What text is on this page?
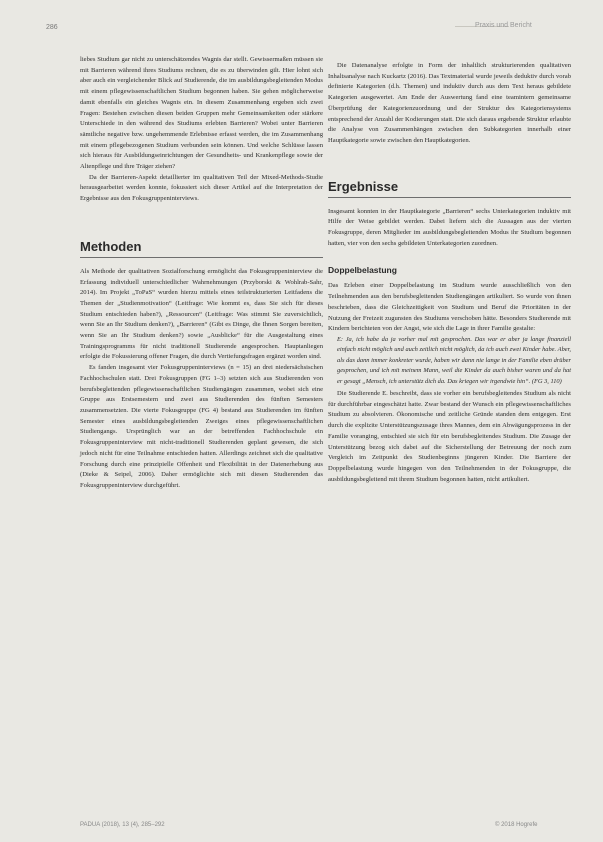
286	Praxis und Bericht

liebes Studium gar nicht zu unterschätzendes Wagnis dar stellt. Gewissermaßen müssen sie mit Barrieren während ihres Studiums rechnen, die es zu überwinden gilt. Hier lohnt sich aber auch ein vergleichender Blick auf Studierende, die im ausbildungsbegleitenden Modus mit einem pflegewissenschaftlichen Studium begonnen haben. Sie gehen möglicherweise damit ebenfalls ein gleiches Wagnis ein. In diesem Zusammenhang ergeben sich zwei Fragen: Bestehen zwischen diesen beiden Gruppen mehr Gemeinsamkeiten oder stärkere Unterschiede in den während des Studiums erlebten Barrieren? Wobei unter Barrieren sämtliche negative bzw. ungehemmende Erlebnisse erfasst werden, die im Zusammenhang mit einem pflegebezogenen Studium verbunden sein können. Und welche Schlüsse lassen sich hieraus für Ausbildungseinrichtungen der Gesundheits- und Krankenpflege sowie der Altenpflege und ihre Träger ziehen?

Da der Barrieren-Aspekt detaillierter im qualitativen Teil der Mixed-Methods-Studie herausgearbeitet werden konnte, fokussiert sich dieser Artikel auf die Interpretation der Ergebnisse aus den Fokusgruppeninterviews.

Methoden

Als Methode der qualitativen Sozialforschung ermöglicht das Fokusgruppeninterview die Erfassung individuell unterschiedlicher Wahrnehmungen (Przyborski & Wohlrab-Sahr, 2014). Im Projekt „ToPaS“ wurden hierzu mittels eines teilstrukturierten Leitfadens die Themen der „Studienmotivation“ (Leitfrage: Wie kommt es, dass Sie sich für dieses Studium entschieden haben?), „Ressourcen“ (Leitfrage: Was stimmt Sie zuversichtlich, wenn Sie an Ihr Studium denken?), „Barrieren“ (Gibt es Dinge, die Ihnen Sorgen bereiten, wenn Sie an Ihr Studium denken?) sowie „Ausblicke“ für die Ausgestaltung eines Trainingsprogramms für nicht traditionell Studierende angesprochen. Hauptanliegen erfolgte die Fokussierung offener Fragen, die durch Vertiefungsfragen ergänzt worden sind.

Es fanden insgesamt vier Fokusgruppeninterviews (n = 15) an drei niedersächsischen Fachhochschulen statt. Drei Fokusgruppen (FG 1–3) setzten sich aus Studierenden von berufsbegleitenden pflegewissenschaftlichen Studiengängen zusammen, wobei sich eine Gruppe aus Erstsemestern und zwei aus Studierenden des fünften Semesters zusammensetzten. Die vierte Fokusgruppe (FG 4) bestand aus Studierenden im fünften Semester eines ausbildungsbegleitenden Zweiges eines pflegewissenschaftlichen Studiengangs. Ursprünglich war an der betreffenden Fachhochschule ein Fokusgruppeninterview mit nicht-traditionell Studierenden geplant gewesen, die sich jedoch nicht für eine Teilnahme entschieden hatten. Allerdings zeichnet sich die qualitative Forschung durch eine prinzipielle Offenheit und Flexibilität in der Datenerhebung aus (Dieke & Seipel, 2006). Daher ermöglichte sich mit diesen Studierenden das Fokusgruppeninterview durchgeführt.

Die Datenanalyse erfolgte in Form der inhaltlich strukturierenden qualitativen Inhaltsanalyse nach Kuckartz (2016). Das Textmaterial wurde jeweils deduktiv durch vorab definierte Kategorien (d.h. Themen) und induktiv durch aus dem Text heraus gebildete Kategorien ausgewertet. Am Ende der Auswertung fand eine teamintern gemeinsame Überprüfung der Kategorienzuordnung und der Struktur des Kategoriensystems entsprechend der Anzahl der Kodierungen statt. Die sich daraus ergebende Struktur erlaubte die Analyse von Zusammenhängen zwischen den Subkategorien innerhalb einer Hauptkategorie sowie zwischen den Hauptkategorien.

Ergebnisse

Insgesamt konnten in der Hauptkategorie „Barrieren“ sechs Unterkategorien induktiv mit Hilfe der Weise gebildet werden. Dabei liefern sich die Aussagen aus der vierten Fokusgruppe, deren Mitglieder im ausbildungsbegleitenden Modus ihr Studium begonnen hatten, vier von den sechs gebildeten Unterkategorien zuordnen.

Doppelbelastung

Das Erleben einer Doppelbelastung im Studium wurde ausschließlich von den Teilnehmenden aus den berufsbegleitenden Studiengängen artikuliert. So wurde von ihnen beschrieben, dass die Gleichzeitigkeit von Studium und Beruf die Prioritäten in der Nutzung der Freizeit zugunsten des Studiums verschoben hätte. Besonders Studierende mit Kindern berichteten von der Angst, wie sich die Lage in ihrer Familie gestalte:

E: Ja, ich habe da ja vorher mal mit gesprochen. Das war er aber ja lange finanziell einfach nicht möglich und auch zeitlich nicht möglich, da ich auch zwei Kinder habe. Aber, als das dann immer konkreter wurde, haben wir dann nie lange in der Familie eben drüber gesprochen, und ich mit meinem Mann, weil die Kinder da auch bisher waren und da hat er gesagt „Mensch, ich unterstütz dich da. Das kriegen wir irgendwie hin“. (FG 3, 110)

Die Studierende E. beschreibt, dass sie vorher ein berufsbegleitendes Studium als nicht für durchführbar eingeschätzt hatte. Zwar bestand der Wunsch ein pflegewissenschaftliches Studium zu absolvieren. Ökonomische und zeitliche Gründe standen dem entgegen. Erst durch die explizite Unterstützungszusage ihres Mannes, dem ein Abwägungsprozess in der Familie voranging, entschied sie sich für ein berufsbegleitendes Studium. Die Zusage der Unterstützung bezog sich dabei auf die Sicherstellung der Betreuung der noch zum Vergleich im Zeitpunkt des Studienbeginns jüngeren Kinder. Die Barriere der Doppelbelastung wurde hingegen von den Teilnehmenden in der Fokusgruppe, die ausbildungsbegleitend mit ihrem Studium begonnen hatten, nicht artikuliert.

PADUA (2018), 13 (4), 285–292	© 2018 Hogrefe
